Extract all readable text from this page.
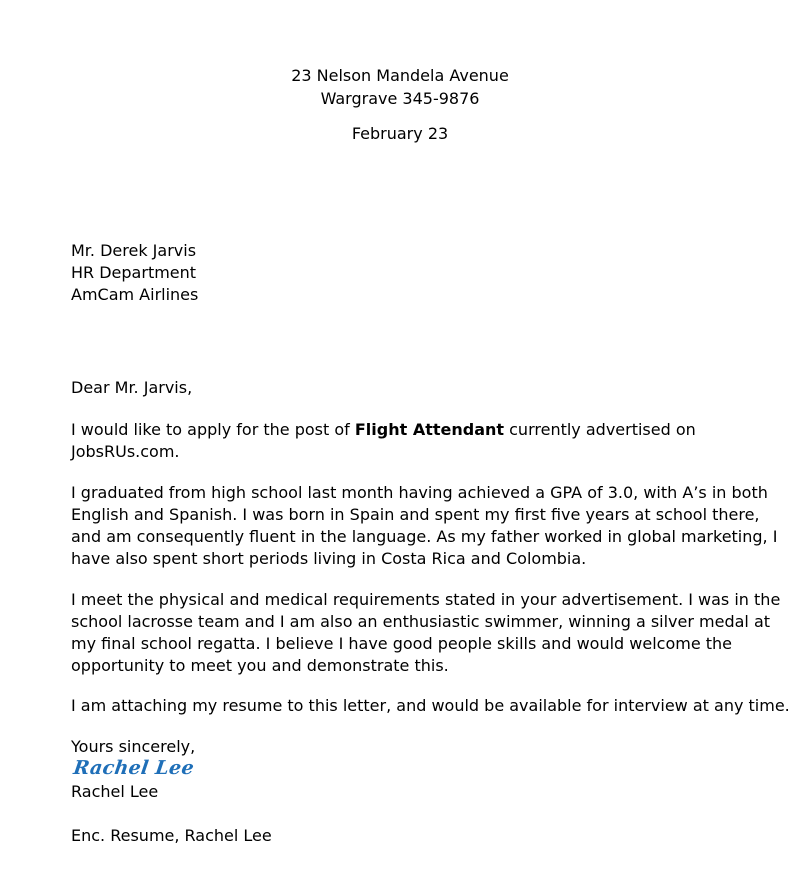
23 Nelson Mandela Avenue
Wargrave 345-9876
February 23
Mr. Derek Jarvis
HR Department
AmCam Airlines
Dear Mr. Jarvis,
I would like to apply for the post of Flight Attendant currently advertised on
JobsRUs.com.
I graduated from high school last month having achieved a GPA of 3.0, with A’s in both
English and Spanish. I was born in Spain and spent my first five years at school there,
and am consequently fluent in the language. As my father worked in global marketing, I
have also spent short periods living in Costa Rica and Colombia.
I meet the physical and medical requirements stated in your advertisement. I was in the
school lacrosse team and I am also an enthusiastic swimmer, winning a silver medal at
my final school regatta. I believe I have good people skills and would welcome the
opportunity to meet you and demonstrate this.
I am attaching my resume to this letter, and would be available for interview at any time.
Yours sincerely,
Rachel Lee
Rachel Lee
Enc. Resume, Rachel Lee
